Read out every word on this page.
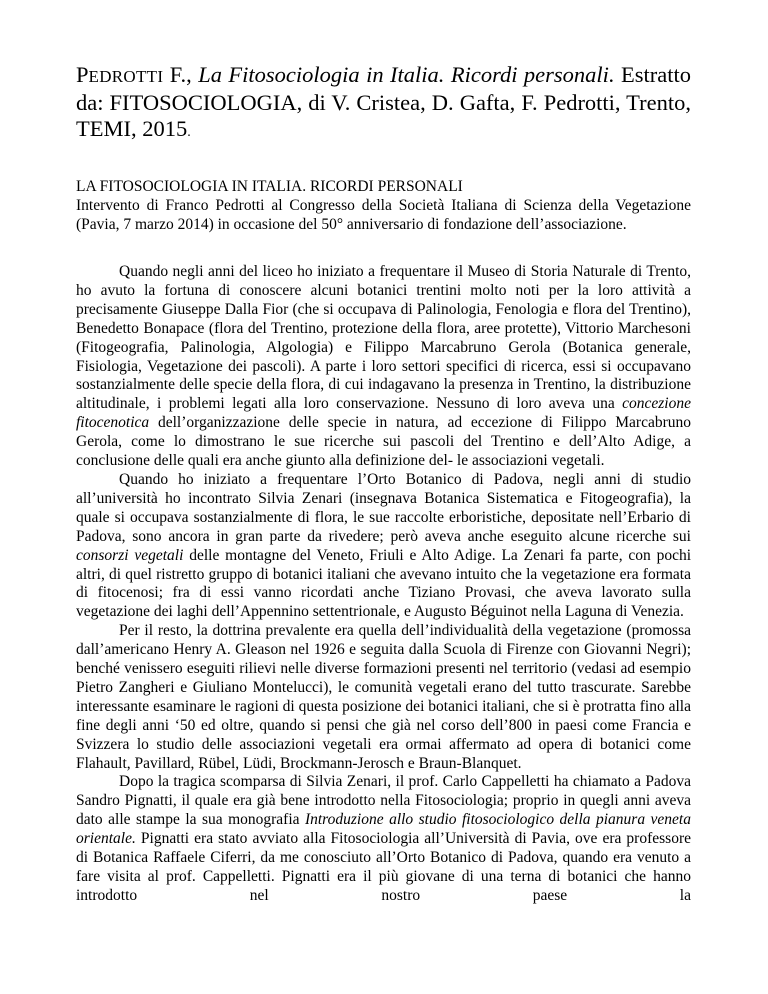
PEDROTTI F., La Fitosociologia in Italia. Ricordi personali. Estratto da: FITOSOCIOLOGIA, di V. Cristea, D. Gafta, F. Pedrotti, Trento, TEMI, 2015.
LA FITOSOCIOLOGIA IN ITALIA. RICORDI PERSONALI
Intervento di Franco Pedrotti al Congresso della Società Italiana di Scienza della Vegetazione (Pavia, 7 marzo 2014) in occasione del 50° anniversario di fondazione dell’associazione.

Quando negli anni del liceo ho iniziato a frequentare il Museo di Storia Naturale di Trento, ho avuto la fortuna di conoscere alcuni botanici trentini molto noti per la loro attività a precisamente Giuseppe Dalla Fior (che si occupava di Palinologia, Fenologia e flora del Trentino), Benedetto Bonapace (flora del Trentino, protezione della flora, aree protette), Vittorio Marchesoni (Fitogeografia, Palinologia, Algologia) e Filippo Marcabruno Gerola (Botanica generale, Fisiologia, Vegetazione dei pascoli). A parte i loro settori specifici di ricerca, essi si occupavano sostanzialmente delle specie della flora, di cui indagavano la presenza in Trentino, la distribuzione altitudinale, i problemi legati alla loro conservazione. Nessuno di loro aveva una concezione fitocenotica dell’organizzazione delle specie in natura, ad eccezione di Filippo Marcabruno Gerola, come lo dimostrano le sue ricerche sui pascoli del Trentino e dell’Alto Adige, a conclusione delle quali era anche giunto alla definizione del- le associazioni vegetali.

Quando ho iniziato a frequentare l’Orto Botanico di Padova, negli anni di studio all’università ho incontrato Silvia Zenari (insegnava Botanica Sistematica e Fitogeografia), la quale si occupava sostanzialmente di flora, le sue raccolte erboristiche, depositate nell’Erbario di Padova, sono ancora in gran parte da rivedere; però aveva anche eseguito alcune ricerche sui consorzi vegetali delle montagne del Veneto, Friuli e Alto Adige. La Zenari fa parte, con pochi altri, di quel ristretto gruppo di botanici italiani che avevano intuito che la vegetazione era formata di fitocenosi; fra di essi vanno ricordati anche Tiziano Provasi, che aveva lavorato sulla vegetazione dei laghi dell’Appennino settentrionale, e Augusto Béguinot nella Laguna di Venezia.

Per il resto, la dottrina prevalente era quella dell’individualità della vegetazione (promossa dall’americano Henry A. Gleason nel 1926 e seguita dalla Scuola di Firenze con Giovanni Negri); benché venissero eseguiti rilievi nelle diverse formazioni presenti nel territorio (vedasi ad esempio Pietro Zangheri e Giuliano Montelucci), le comunità vegetali erano del tutto trascurate. Sarebbe interessante esaminare le ragioni di questa posizione dei botanici italiani, che si è protratta fino alla fine degli anni ‘50 ed oltre, quando si pensi che già nel corso dell’800 in paesi come Francia e Svizzera lo studio delle associazioni vegetali era ormai affermato ad opera di botanici come Flahault, Pavillard, Rübel, Lüdi, Brockmann-Jerosch e Braun-Blanquet.

Dopo la tragica scomparsa di Silvia Zenari, il prof. Carlo Cappelletti ha chiamato a Padova Sandro Pignatti, il quale era già bene introdotto nella Fitosociologia; proprio in quegli anni aveva dato alle stampe la sua monografia Introduzione allo studio fitosociologico della pianura veneta orientale. Pignatti era stato avviato alla Fitosociologia all’Università di Pavia, ove era professore di Botanica Raffaele Ciferri, da me conosciuto all’Orto Botanico di Padova, quando era venuto a fare visita al prof. Cappelletti. Pignatti era il più giovane di una terna di botanici che hanno introdotto nel nostro paese la
